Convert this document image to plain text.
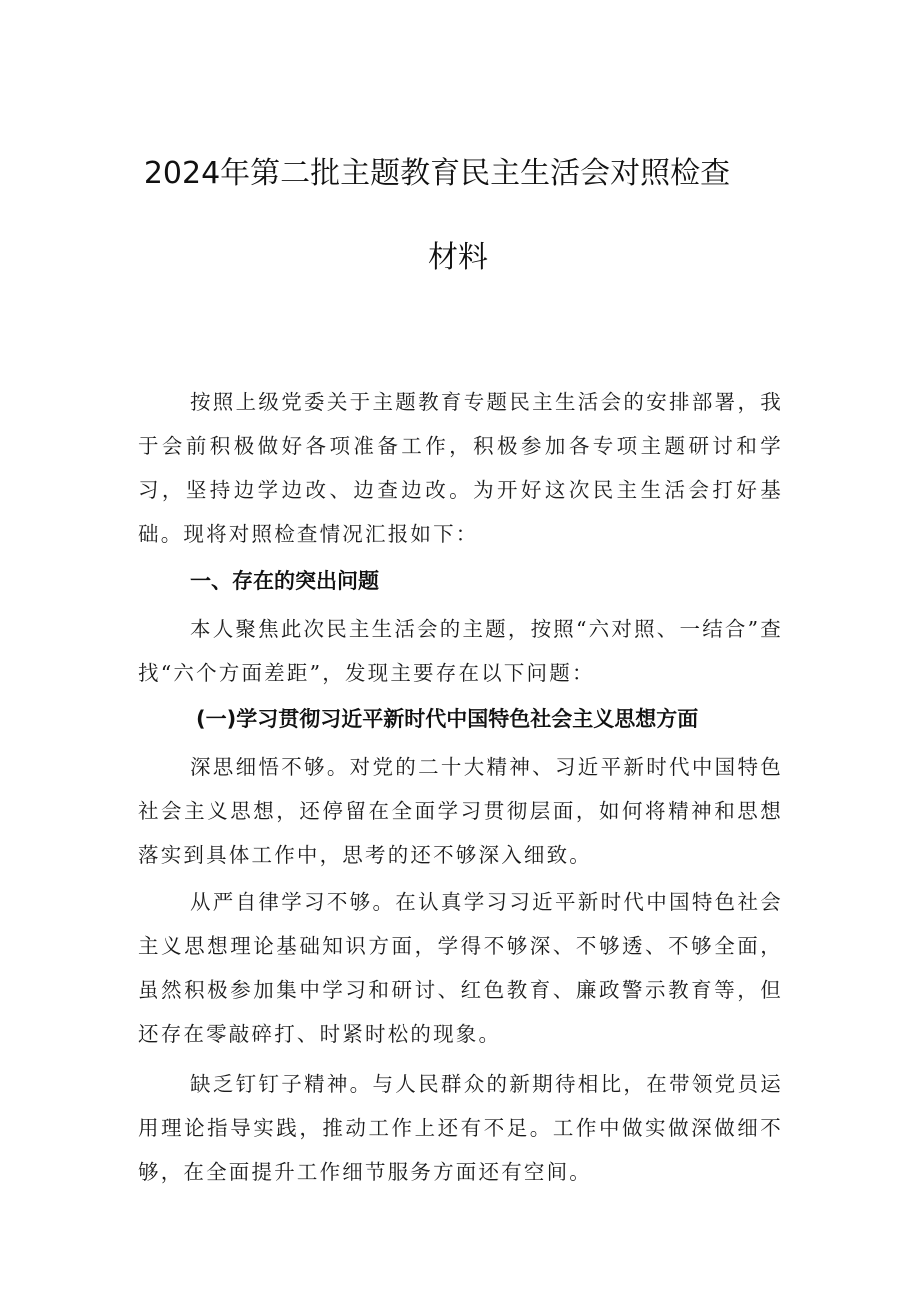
2024年第二批主题教育民主生活会对照检查
材料

按照上级党委关于主题教育专题民主生活会的安排部署，我于会前积极做好各项准备工作，积极参加各专项主题研讨和学习，坚持边学边改、边查边改。为开好这次民主生活会打好基础。现将对照检查情况汇报如下：

一、存在的突出问题

本人聚焦此次民主生活会的主题，按照“六对照、一结合”查找“六个方面差距”，发现主要存在以下问题：

(一)学习贯彻习近平新时代中国特色社会主义思想方面

深思细悟不够。对党的二十大精神、习近平新时代中国特色社会主义思想，还停留在全面学习贯彻层面，如何将精神和思想落实到具体工作中，思考的还不够深入细致。

从严自律学习不够。在认真学习习近平新时代中国特色社会主义思想理论基础知识方面，学得不够深、不够透、不够全面，虽然积极参加集中学习和研讨、红色教育、廉政警示教育等，但还存在零敲碎打、时紧时松的现象。

缺乏钉钉子精神。与人民群众的新期待相比，在带领党员运用理论指导实践，推动工作上还有不足。工作中做实做深做细不够，在全面提升工作细节服务方面还有空间。
